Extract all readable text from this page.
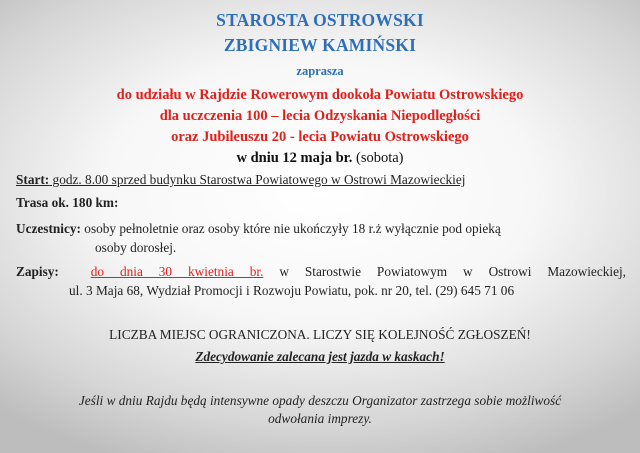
STAROSTA OSTROWSKI
ZBIGNIEW KAMIŃSKI
zaprasza
do udziału w Rajdzie Rowerowym dookoła Powiatu Ostrowskiego
dla uczczenia 100 – lecia Odzyskania Niepodległości
oraz Jubileuszu 20 - lecia Powiatu Ostrowskiego
w dniu 12 maja br. (sobota)
Start: godz. 8.00 sprzed budynku Starostwa Powiatowego w Ostrowi Mazowieckiej
Trasa ok. 180 km:
Uczestnicy: osoby pełnoletnie oraz osoby które nie ukończyły 18 r.ż wyłącznie pod opieką
osoby dorosłej.
Zapisy: do dnia 30 kwietnia br. w Starostwie Powiatowym w Ostrowi Mazowieckiej,
ul. 3 Maja 68, Wydział Promocji i Rozwoju Powiatu, pok. nr 20, tel. (29) 645 71 06
LICZBA MIEJSC OGRANICZONA. LICZY SIĘ KOLEJNOŚĆ ZGŁOSZEŃ!
Zdecydowanie zalecana jest jazda w kaskach!
Jeśli w dniu Rajdu będą intensywne opady deszczu Organizator zastrzega sobie możliwość
odwołania imprezy.
